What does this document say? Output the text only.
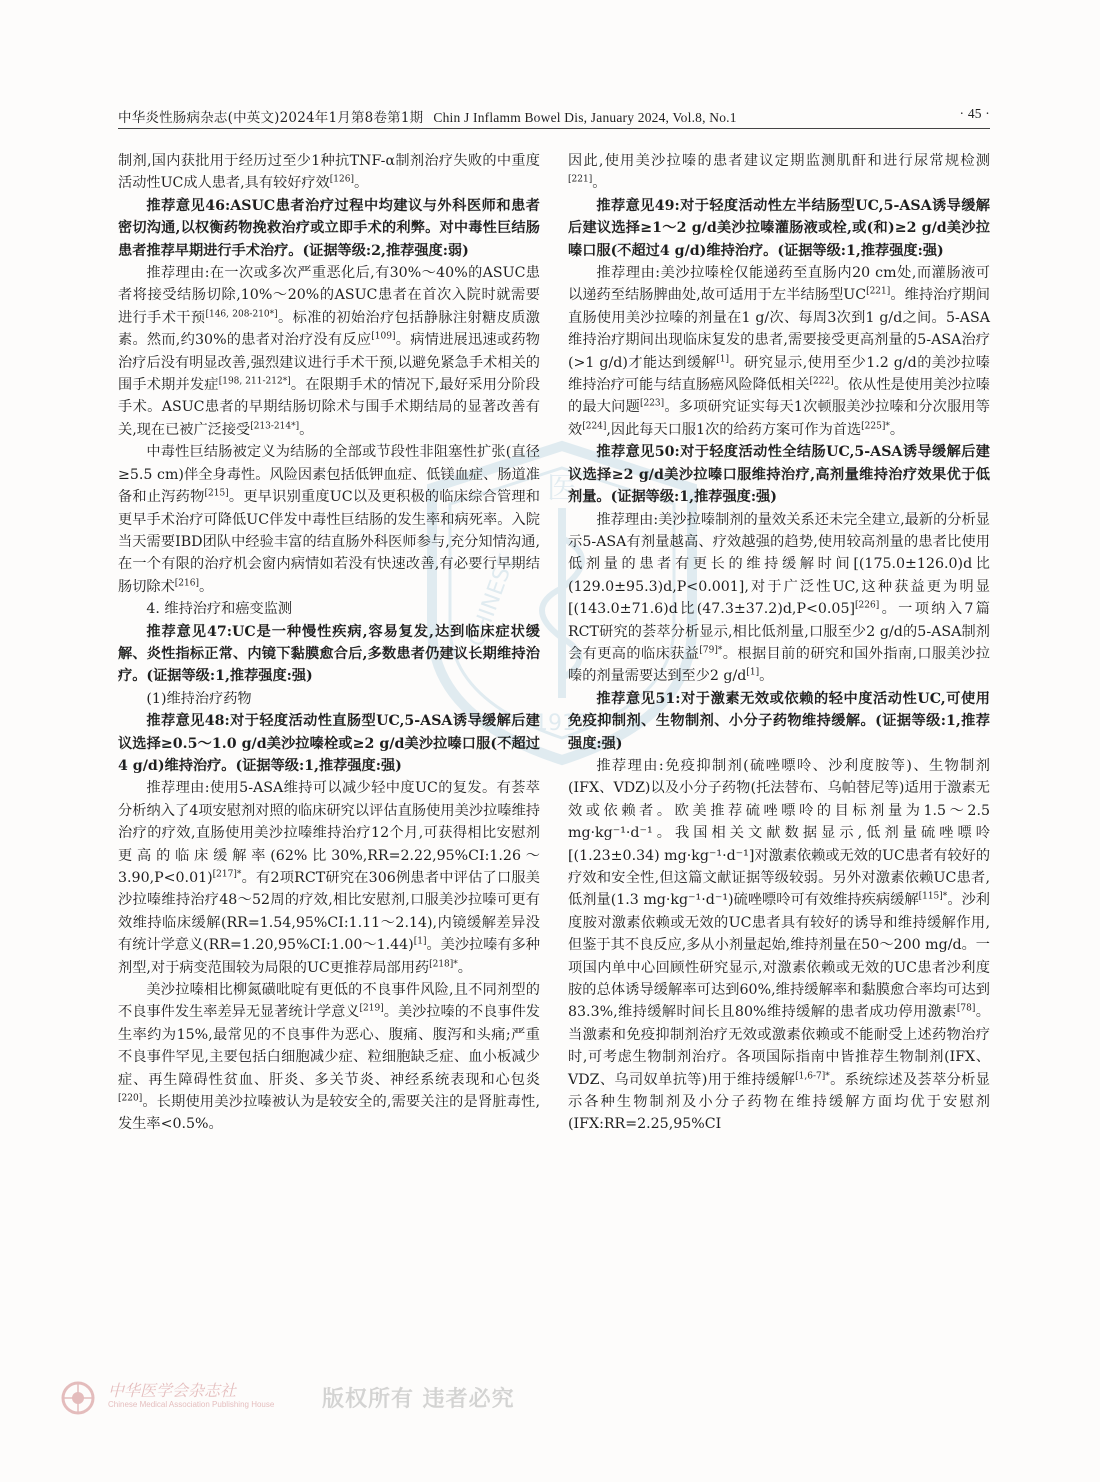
中华炎性肠病杂志(中英文)2024年1月第8卷第1期 Chin J Inflamm Bowel Dis, January 2024, Vol.8, No.1	· 45 ·
医
CHINESE
1915

制剂,国内获批用于经历过至少1种抗TNF-α制剂治疗失败的中重度活动性UC成人患者,具有较好疗效[126]。

推荐意见46:ASUC患者治疗过程中均建议与外科医师和患者密切沟通,以权衡药物挽救治疗或立即手术的利弊。对中毒性巨结肠患者推荐早期进行手术治疗。(证据等级:2,推荐强度:弱)

推荐理由:在一次或多次严重恶化后,有30%～40%的ASUC患者将接受结肠切除,10%～20%的ASUC患者在首次入院时就需要进行手术干预[146, 208-210*]。标准的初始治疗包括静脉注射糖皮质激素。然而,约30%的患者对治疗没有反应[109]。病情进展迅速或药物治疗后没有明显改善,强烈建议进行手术干预,以避免紧急手术相关的围手术期并发症[198, 211-212*]。在限期手术的情况下,最好采用分阶段手术。ASUC患者的早期结肠切除术与围手术期结局的显著改善有关,现在已被广泛接受[213-214*]。

中毒性巨结肠被定义为结肠的全部或节段性非阻塞性扩张(直径≥5.5 cm)伴全身毒性。风险因素包括低钾血症、低镁血症、肠道准备和止泻药物[215]。更早识别重度UC以及更积极的临床综合管理和更早手术治疗可降低UC伴发中毒性巨结肠的发生率和病死率。入院当天需要IBD团队中经验丰富的结直肠外科医师参与,充分知情沟通,在一个有限的治疗机会窗内病情如若没有快速改善,有必要行早期结肠切除术[216]。

4. 维持治疗和癌变监测

推荐意见47:UC是一种慢性疾病,容易复发,达到临床症状缓解、炎性指标正常、内镜下黏膜愈合后,多数患者仍建议长期维持治疗。(证据等级:1,推荐强度:强)

(1)维持治疗药物

推荐意见48:对于轻度活动性直肠型UC,5-ASA诱导缓解后建议选择≥0.5～1.0 g/d美沙拉嗪栓或≥2 g/d美沙拉嗪口服(不超过4 g/d)维持治疗。(证据等级:1,推荐强度:强)

推荐理由:使用5-ASA维持可以减少轻中度UC的复发。有荟萃分析纳入了4项安慰剂对照的临床研究以评估直肠使用美沙拉嗪维持治疗的疗效,直肠使用美沙拉嗪维持治疗12个月,可获得相比安慰剂更高的临床缓解率(62%比30%,RR=2.22,95%CI:1.26～3.90,P<0.01)$^{[217]*}$。有2项RCT研究在306例患者中评估了口服美沙拉嗪维持治疗48～52周的疗效,相比安慰剂,口服美沙拉嗪可更有效维持临床缓解(RR=1.54,95%CI:1.11～2.14),内镜缓解差异没有统计学意义(RR=1.20,95%CI:1.00～1.44)[1]。美沙拉嗪有多种剂型,对于病变范围较为局限的UC更推荐局部用药$^{[218]*}$。

美沙拉嗪相比柳氮磺吡啶有更低的不良事件风险,且不同剂型的不良事件发生率差异无显著统计学意义[219]。美沙拉嗪的不良事件发生率约为15%,最常见的不良事件为恶心、腹痛、腹泻和头痛;严重不良事件罕见,主要包括白细胞减少症、粒细胞缺乏症、血小板减少症、再生障碍性贫血、肝炎、多关节炎、神经系统表现和心包炎[220]。长期使用美沙拉嗪被认为是较安全的,需要关注的是肾脏毒性,发生率<0.5%。

因此,使用美沙拉嗪的患者建议定期监测肌酐和进行尿常规检测[221]。

推荐意见49:对于轻度活动性左半结肠型UC,5-ASA诱导缓解后建议选择≥1～2 g/d美沙拉嗪灌肠液或栓,或(和)≥2 g/d美沙拉嗪口服(不超过4 g/d)维持治疗。(证据等级:1,推荐强度:强)

推荐理由:美沙拉嗪栓仅能递药至直肠内20 cm处,而灌肠液可以递药至结肠脾曲处,故可适用于左半结肠型UC[221]。维持治疗期间直肠使用美沙拉嗪的剂量在1 g/次、每周3次到1 g/d之间。5-ASA维持治疗期间出现临床复发的患者,需要接受更高剂量的5-ASA治疗(>1 g/d)才能达到缓解[1]。研究显示,使用至少1.2 g/d的美沙拉嗪维持治疗可能与结直肠癌风险降低相关[222]。依从性是使用美沙拉嗪的最大问题[223]。多项研究证实每天1次顿服美沙拉嗪和分次服用等效[224],因此每天口服1次的给药方案可作为首选$^{[225]*}$。

推荐意见50:对于轻度活动性全结肠UC,5-ASA诱导缓解后建议选择≥2 g/d美沙拉嗪口服维持治疗,高剂量维持治疗效果优于低剂量。(证据等级:1,推荐强度:强)

推荐理由:美沙拉嗪制剂的量效关系还未完全建立,最新的分析显示5-ASA有剂量越高、疗效越强的趋势,使用较高剂量的患者比使用低剂量的患者有更长的维持缓解时间[(175.0±126.0)d比(129.0±95.3)d,P<0.001],对于广泛性UC,这种获益更为明显[(143.0±71.6)d比(47.3±37.2)d,P<0.05][226]。一项纳入7篇RCT研究的荟萃分析显示,相比低剂量,口服至少2 g/d的5-ASA制剂会有更高的临床获益$^{[79]*}$。根据目前的研究和国外指南,口服美沙拉嗪的剂量需要达到至少2 g/d[1]。

推荐意见51:对于激素无效或依赖的轻中度活动性UC,可使用免疫抑制剂、生物制剂、小分子药物维持缓解。(证据等级:1,推荐强度:强)

推荐理由:免疫抑制剂(硫唑嘌呤、沙利度胺等)、生物制剂(IFX、VDZ)以及小分子药物(托法替布、乌帕替尼等)适用于激素无效或依赖者。欧美推荐硫唑嘌呤的目标剂量为1.5～2.5 mg·kg⁻¹·d⁻¹。我国相关文献数据显示,低剂量硫唑嘌呤[(1.23±0.34) mg·kg⁻¹·d⁻¹]对激素依赖或无效的UC患者有较好的疗效和安全性,但这篇文献证据等级较弱。另外对激素依赖UC患者,低剂量(1.3 mg·kg⁻¹·d⁻¹)硫唑嘌呤可有效维持疾病缓解$^{[115]*}$。沙利度胺对激素依赖或无效的UC患者具有较好的诱导和维持缓解作用,但鉴于其不良反应,多从小剂量起始,维持剂量在50～200 mg/d。一项国内单中心回顾性研究显示,对激素依赖或无效的UC患者沙利度胺的总体诱导缓解率可达到60%,维持缓解率和黏膜愈合率均可达到83.3%,维持缓解时间长且80%维持缓解的患者成功停用激素[78]。当激素和免疫抑制剂治疗无效或激素依赖或不能耐受上述药物治疗时,可考虑生物制剂治疗。各项国际指南中皆推荐生物制剂(IFX、VDZ、乌司奴单抗等)用于维持缓解$^{[1,6-7]*}$。系统综述及荟萃分析显示各种生物制剂及小分子药物在维持缓解方面均优于安慰剂(IFX:RR=2.25,95%CI

中华医学会杂志社
Chinese Medical Association Publishing House 版权所有 违者必究
